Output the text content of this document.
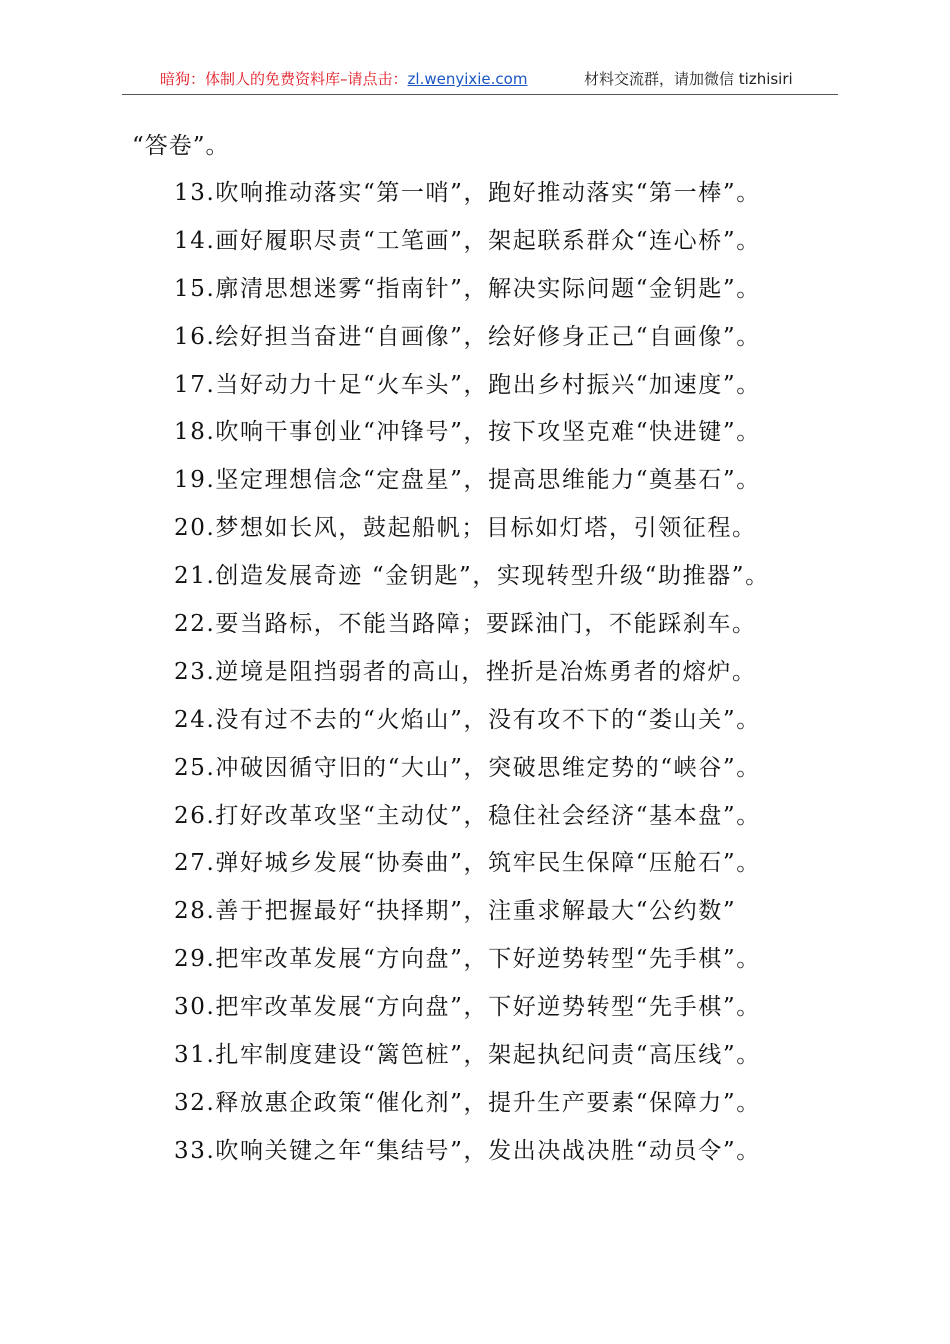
暗狗：体制人的免费资料库–请点击：zl.wenyixie.com	材料交流群，请加微信 tizhisiri
“答卷”。
13.吹响推动落实“第一哨”，跑好推动落实“第一棒”。
14.画好履职尽责“工笔画”，架起联系群众“连心桥”。
15.廓清思想迷雾“指南针”，解决实际问题“金钥匙”。
16.绘好担当奋进“自画像”，绘好修身正己“自画像”。
17.当好动力十足“火车头”，跑出乡村振兴“加速度”。
18.吹响干事创业“冲锋号”，按下攻坚克难“快进键”。
19.坚定理想信念“定盘星”，提高思维能力“奠基石”。
20.梦想如长风，鼓起船帆；目标如灯塔，引领征程。
21.创造发展奇迹 “金钥匙”，实现转型升级“助推器”。
22.要当路标，不能当路障；要踩油门，不能踩刹车。
23.逆境是阻挡弱者的高山，挫折是冶炼勇者的熔炉。
24.没有过不去的“火焰山”，没有攻不下的“娄山关”。
25.冲破因循守旧的“大山”，突破思维定势的“峡谷”。
26.打好改革攻坚“主动仗”，稳住社会经济“基本盘”。
27.弹好城乡发展“协奏曲”，筑牢民生保障“压舱石”。
28.善于把握最好“抉择期”，注重求解最大“公约数”
29.把牢改革发展“方向盘”，下好逆势转型“先手棋”。
30.把牢改革发展“方向盘”，下好逆势转型“先手棋”。
31.扎牢制度建设“篱笆桩”，架起执纪问责“高压线”。
32.释放惠企政策“催化剂”，提升生产要素“保障力”。
33.吹响关键之年“集结号”，发出决战决胜“动员令”。
